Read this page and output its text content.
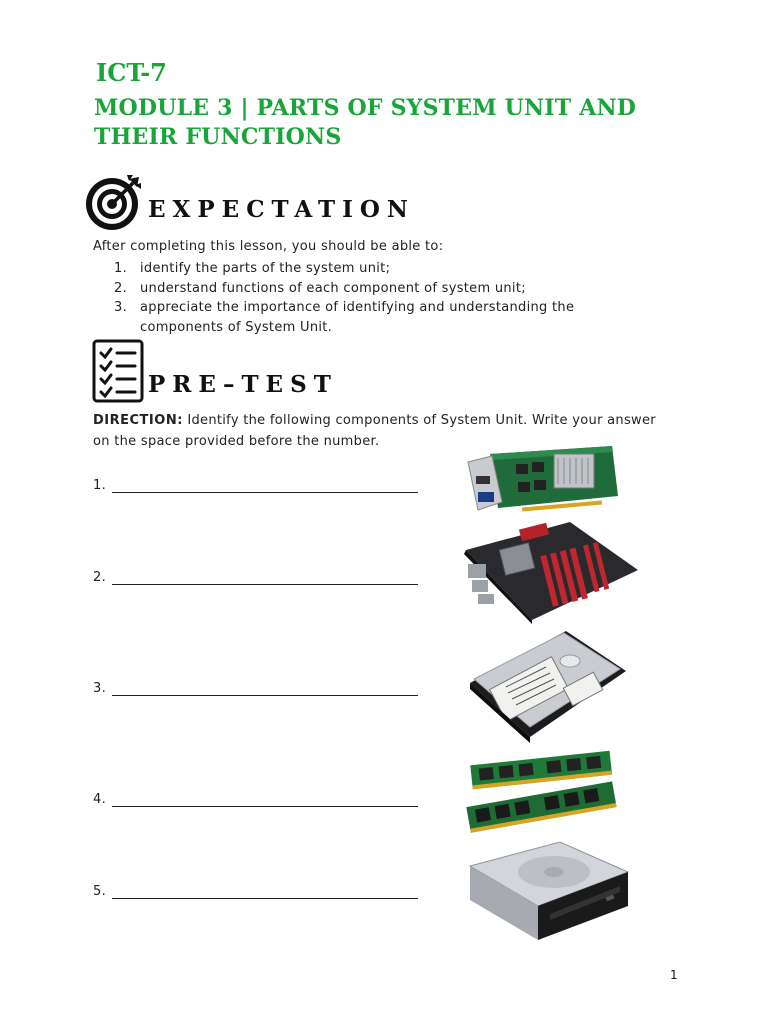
ICT-7
MODULE 3 | PARTS OF SYSTEM UNIT AND
THEIR FUNCTIONS
EXPECTATION
After completing this lesson, you should be able to:
1. identify the parts of the system unit;
2. understand functions of each component of system unit;
3. appreciate the importance of identifying and understanding the components of System Unit.
PRE–TEST
DIRECTION: Identify the following components of System Unit. Write your answer on the space provided before the number.
1.
2.
3.
4.
5.
1
